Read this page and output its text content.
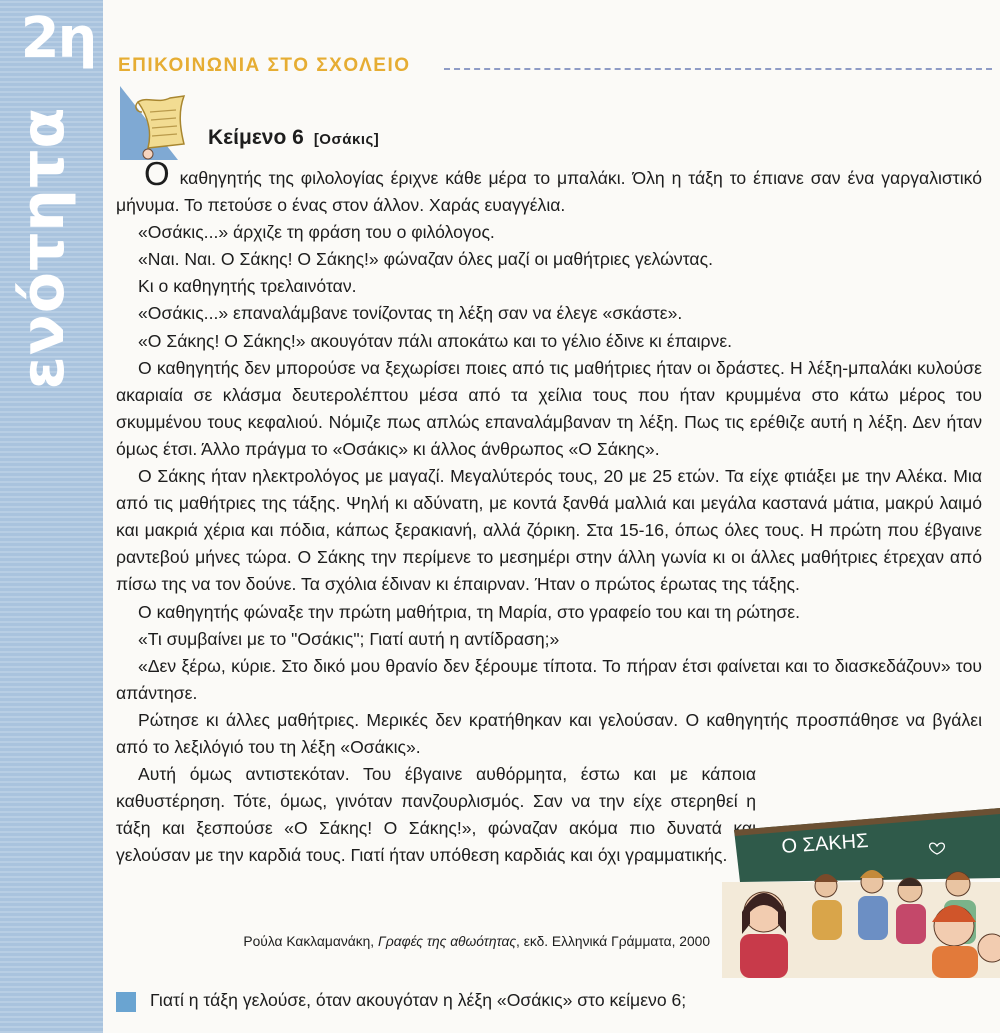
2η
ενότητα
ΕΠΙΚΟΙΝΩΝΙΑ ΣΤΟ ΣΧΟΛΕΙΟ
Κείμενο 6 [Οσάκις]

Ο καθηγητής της φιλολογίας έριχνε κάθε μέρα το μπαλάκι. Όλη η τάξη το έπιανε σαν ένα γαργαλιστικό μήνυμα. Το πετούσε ο ένας στον άλλον. Χαράς ευαγγέλια.

«Οσάκις...» άρχιζε τη φράση του ο φιλόλογος.

«Ναι. Ναι. Ο Σάκης! Ο Σάκης!» φώναζαν όλες μαζί οι μαθήτριες γελώντας.

Κι ο καθηγητής τρελαινόταν.

«Οσάκις...» επαναλάμβανε τονίζοντας τη λέξη σαν να έλεγε «σκάστε».

«Ο Σάκης! Ο Σάκης!» ακουγόταν πάλι αποκάτω και το γέλιο έδινε κι έπαιρνε.

Ο καθηγητής δεν μπορούσε να ξεχωρίσει ποιες από τις μαθήτριες ήταν οι δράστες. Η λέξη-μπαλάκι κυλούσε ακαριαία σε κλάσμα δευτερολέπτου μέσα από τα χείλια τους που ήταν κρυμμένα στο κάτω μέρος του σκυμμένου τους κεφαλιού. Νόμιζε πως απλώς επαναλάμβαναν τη λέξη. Πως τις ερέθιζε αυτή η λέξη. Δεν ήταν όμως έτσι. Άλλο πράγμα το «Οσάκις» κι άλλος άνθρωπος «Ο Σάκης».

Ο Σάκης ήταν ηλεκτρολόγος με μαγαζί. Μεγαλύτερός τους, 20 με 25 ετών. Τα είχε φτιάξει με την Αλέκα. Μια από τις μαθήτριες της τάξης. Ψηλή κι αδύνατη, με κοντά ξανθά μαλλιά και μεγάλα καστανά μάτια, μακρύ λαιμό και μακριά χέρια και πόδια, κάπως ξερακιανή, αλλά ζόρικη. Στα 15-16, όπως όλες τους. Η πρώτη που έβγαινε ραντεβού μήνες τώρα. Ο Σάκης την περίμενε το μεσημέρι στην άλλη γωνία κι οι άλλες μαθήτριες έτρεχαν από πίσω της να τον δούνε. Τα σχόλια έδιναν κι έπαιρναν. Ήταν ο πρώτος έρωτας της τάξης.

Ο καθηγητής φώναξε την πρώτη μαθήτρια, τη Μαρία, στο γραφείο του και τη ρώτησε.

«Τι συμβαίνει με το "Οσάκις"; Γιατί αυτή η αντίδραση;»

«Δεν ξέρω, κύριε. Στο δικό μου θρανίο δεν ξέρουμε τίποτα. Το πήραν έτσι φαίνεται και το διασκεδάζουν» του απάντησε.

Ρώτησε κι άλλες μαθήτριες. Μερικές δεν κρατήθηκαν και γελούσαν. Ο καθηγητής προσπάθησε να βγάλει από το λεξιλόγιό του τη λέξη «Οσάκις».

Αυτή όμως αντιστεκόταν. Του έβγαινε αυθόρμητα, έστω και με κάποια καθυστέρηση. Τότε, όμως, γινόταν πανζουρλισμός. Σαν να την είχε στερηθεί η τάξη και ξεσπούσε «Ο Σάκης! Ο Σάκης!», φώναζαν ακόμα πιο δυνατά και γελούσαν με την καρδιά τους. Γιατί ήταν υπόθεση καρδιάς και όχι γραμματικής.	Ο ΣΑΚΗΣ
Ρούλα Κακλαμανάκη, Γραφές της αθωότητας, εκδ. Ελληνικά Γράμματα, 2000
Γιατί η τάξη γελούσε, όταν ακουγόταν η λέξη «Οσάκις» στο κείμενο 6;
